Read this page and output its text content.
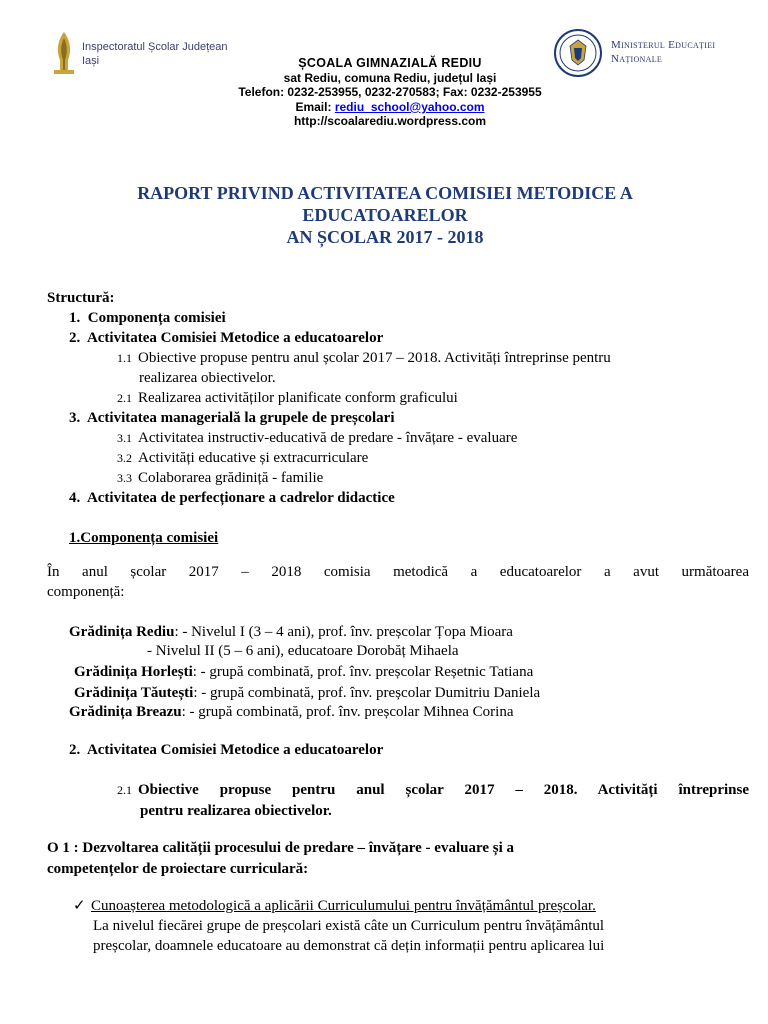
Inspectoratul Școlar Județean
Iași
Ministerul Educației
Naționale
ȘCOALA GIMNAZIALĂ REDIU
sat Rediu, comuna Rediu, județul Iași
Telefon: 0232-253955, 0232-270583; Fax: 0232-253955
Email: rediu_school@yahoo.com
http://scoalarediu.wordpress.com
RAPORT PRIVIND ACTIVITATEA COMISIEI METODICE A
EDUCATOARELOR
AN ȘCOLAR 2017 - 2018
Structură:
1. Componența comisiei
2. Activitatea Comisiei Metodice a educatoarelor
1.1 Obiective propuse pentru anul școlar 2017 – 2018. Activități întreprinse pentru
realizarea obiectivelor.
2.1 Realizarea activităților planificate conform graficului
3. Activitatea managerială la grupele de preșcolari
3.1 Activitatea instructiv-educativă de predare - învățare - evaluare
3.2 Activități educative și extracurriculare
3.3 Colaborarea grădiniță - familie
4. Activitatea de perfecționare a cadrelor didactice
1.Componența comisiei
În anul școlar 2017 – 2018 comisia metodică a educatoarelor a avut următoarea
componență:
Grădinița Rediu: - Nivelul I (3 – 4 ani), prof. înv. preșcolar Țopa Mioara
- Nivelul II (5 – 6 ani), educatoare Dorobăț Mihaela
Grădinița Horlești: - grupă combinată, prof. înv. preșcolar Reșetnic Tatiana
Grădinița Tăutești: - grupă combinată, prof. înv. preșcolar Dumitriu Daniela
Grădinița Breazu: - grupă combinată, prof. înv. preșcolar Mihnea Corina
2. Activitatea Comisiei Metodice a educatoarelor
2.1 Obiective propuse pentru anul școlar 2017 – 2018. Activități întreprinse
pentru realizarea obiectivelor.
O 1 : Dezvoltarea calității procesului de predare – învățare - evaluare și a
competențelor de proiectare curriculară:
✓ Cunoașterea metodologică a aplicării Curriculumului pentru învățământul preșcolar.
La nivelul fiecărei grupe de preșcolari există câte un Curriculum pentru învățământul
preșcolar, doamnele educatoare au demonstrat că dețin informații pentru aplicarea lui
